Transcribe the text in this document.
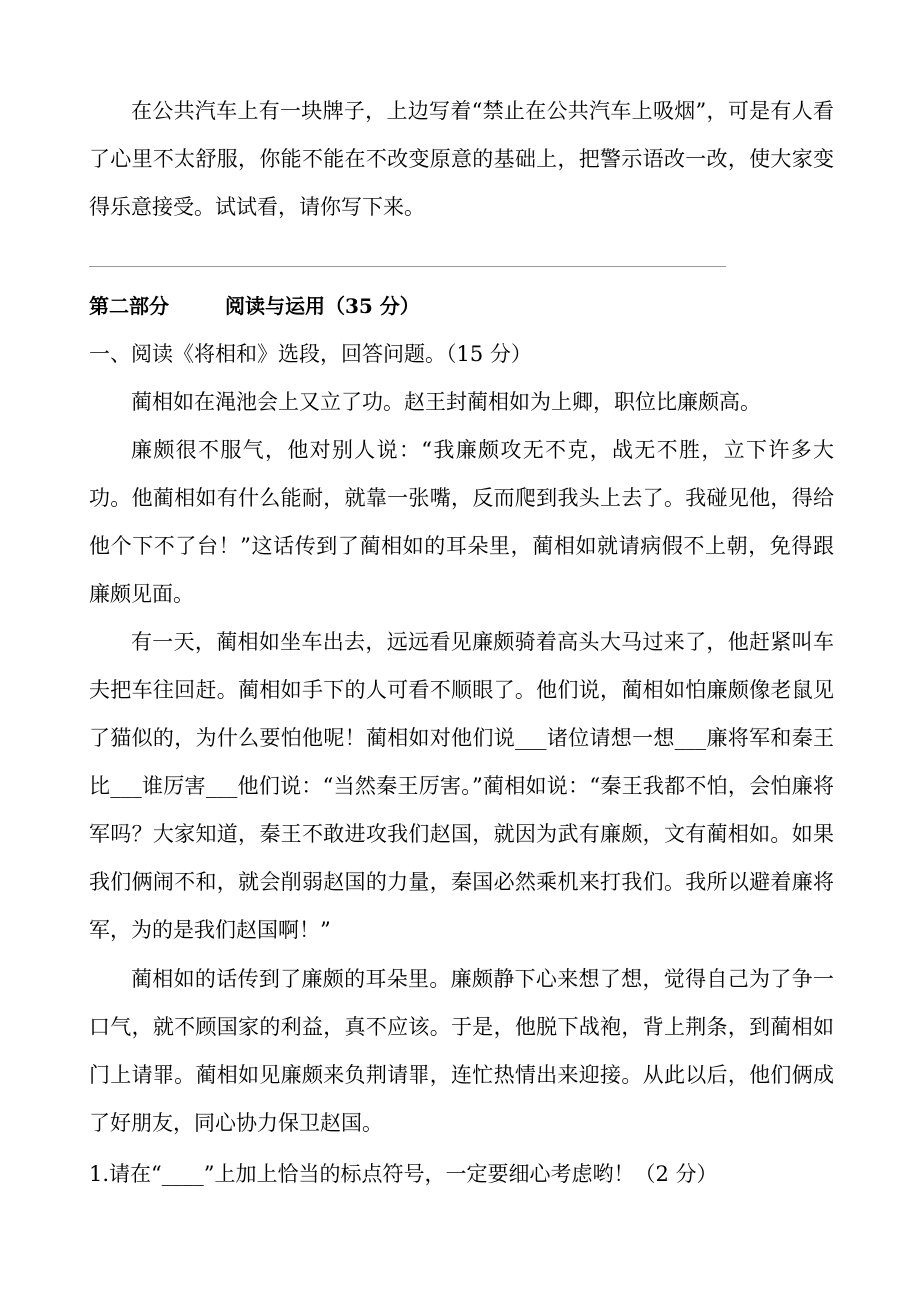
在公共汽车上有一块牌子，上边写着“禁止在公共汽车上吸烟”，可是有人看了心里不太舒服，你能不能在不改变原意的基础上，把警示语改一改，使大家变得乐意接受。试试看，请你写下来。

第二部分	阅读与运用（35 分）
一、阅读《将相和》选段，回答问题。（15 分）

蔺相如在渑池会上又立了功。赵王封蔺相如为上卿，职位比廉颇高。

廉颇很不服气，他对别人说：“我廉颇攻无不克，战无不胜，立下许多大功。他蔺相如有什么能耐，就靠一张嘴，反而爬到我头上去了。我碰见他，得给他个下不了台！”这话传到了蔺相如的耳朵里，蔺相如就请病假不上朝，免得跟廉颇见面。

有一天，蔺相如坐车出去，远远看见廉颇骑着高头大马过来了，他赶紧叫车夫把车往回赶。蔺相如手下的人可看不顺眼了。他们说，蔺相如怕廉颇像老鼠见了猫似的，为什么要怕他呢！蔺相如对他们说___诸位请想一想___廉将军和秦王比___谁厉害___他们说：“当然秦王厉害。”蔺相如说：“秦王我都不怕，会怕廉将军吗？大家知道，秦王不敢进攻我们赵国，就因为武有廉颇，文有蔺相如。如果我们俩闹不和，就会削弱赵国的力量，秦国必然乘机来打我们。我所以避着廉将军，为的是我们赵国啊！”

蔺相如的话传到了廉颇的耳朵里。廉颇静下心来想了想，觉得自己为了争一口气，就不顾国家的利益，真不应该。于是，他脱下战袍，背上荆条，到蔺相如门上请罪。蔺相如见廉颇来负荆请罪，连忙热情出来迎接。从此以后，他们俩成了好朋友，同心协力保卫赵国。

1.请在“____”上加上恰当的标点符号，一定要细心考虑哟！（2 分）
